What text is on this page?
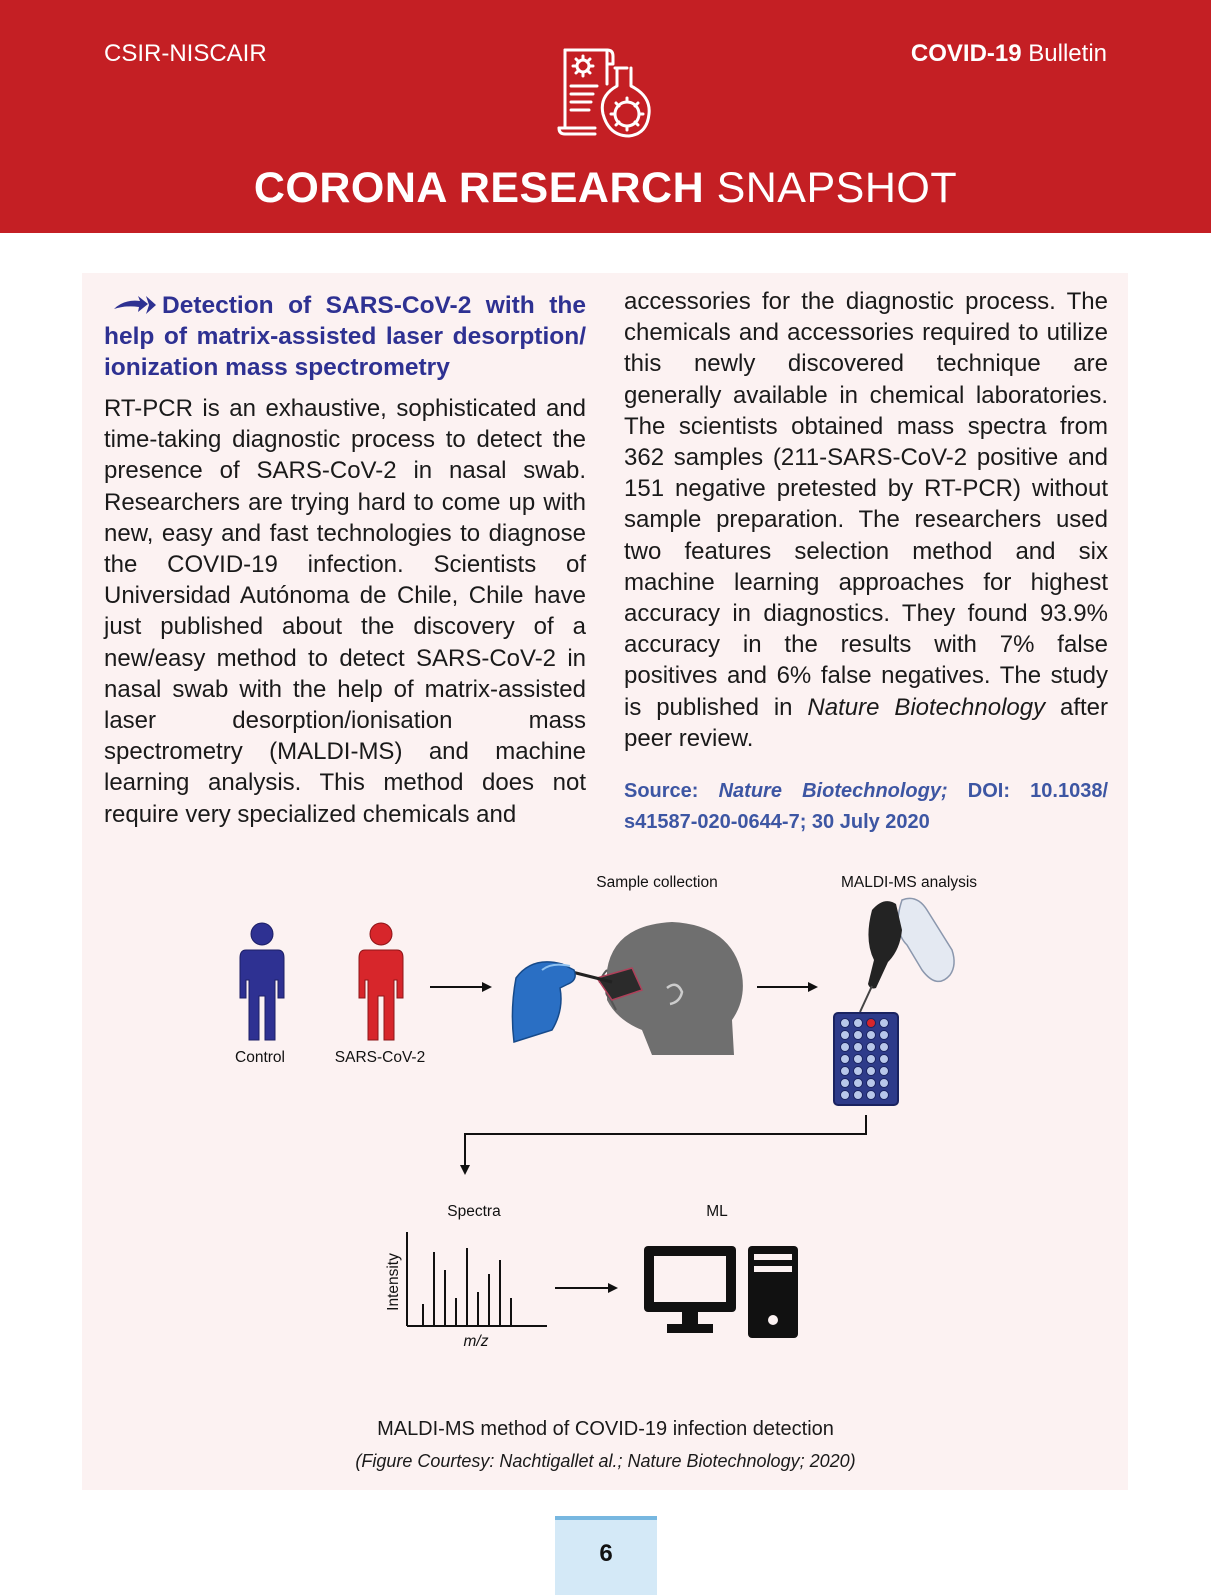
CSIR-NISCAIR	COVID-19 Bulletin
CORONA RESEARCH SNAPSHOT

Detection of SARS-CoV-2 with the help of matrix-assisted laser desorption/ ionization mass spectrometry

RT-PCR is an exhaustive, sophisticated and time-taking diagnostic process to detect the presence of SARS-CoV-2 in nasal swab. Researchers are trying hard to come up with new, easy and fast technologies to diagnose the COVID-19 infection. Scientists of Universidad Autónoma de Chile, Chile have just published about the discovery of a new/easy method to detect SARS-CoV-2 in nasal swab with the help of matrix-assisted laser desorption/ionisation mass spectrometry (MALDI-MS) and machine learning analysis. This method does not require very specialized chemicals and

accessories for the diagnostic process. The chemicals and accessories required to utilize this newly discovered technique are generally available in chemical laboratories. The scientists obtained mass spectra from 362 samples (211-SARS-CoV-2 positive and 151 negative pretested by RT-PCR) without sample preparation. The researchers used two features selection method and six machine learning approaches for highest accuracy in diagnostics. They found 93.9% accuracy in the results with 7% false positives and 6% false negatives. The study is published in Nature Biotechnology after peer review.

Source: Nature Biotechnology; DOI: 10.1038/ s41587-020-0644-7; 30 July 2020
Sample collection	MALDI-MS analysis
Control	SARS-CoV-2
Spectra	ML
Intensity
m/z
MALDI-MS method of COVID-19 infection detection
(Figure Courtesy: Nachtigallet al.; Nature Biotechnology; 2020)
6
